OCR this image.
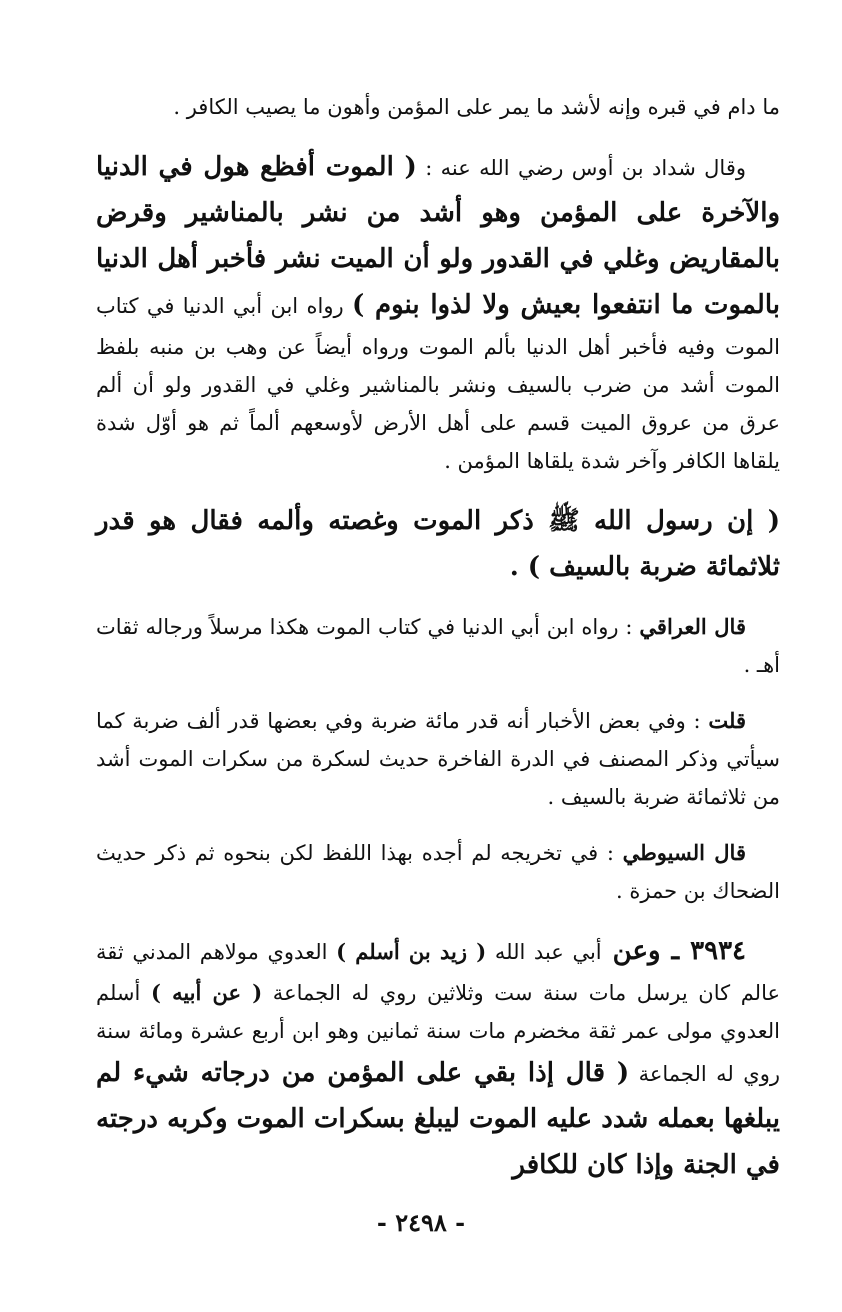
ما دام في قبره وإنه لأشد ما يمر على المؤمن وأهون ما يصيب الكافر .

وقال شداد بن أوس رضي الله عنه : ( الموت أفظع هول في الدنيا والآخرة على المؤمن وهو أشد من نشر بالمناشير وقرض بالمقاريض وغلي في القدور ولو أن الميت نشر فأخبر أهل الدنيا بالموت ما انتفعوا بعيش ولا لذوا بنوم ) رواه ابن أبي الدنيا في كتاب الموت وفيه فأخبر أهل الدنيا بألم الموت ورواه أيضاً عن وهب بن منبه بلفظ الموت أشد من ضرب بالسيف ونشر بالمناشير وغلي في القدور ولو أن ألم عرق من عروق الميت قسم على أهل الأرض لأوسعهم ألماً ثم هو أوّل شدة يلقاها الكافر وآخر شدة يلقاها المؤمن .

( إن رسول الله ﷺ ذكر الموت وغصته وألمه فقال هو قدر ثلاثمائة ضربة بالسيف ) .

قال العراقي : رواه ابن أبي الدنيا في كتاب الموت هكذا مرسلاً ورجاله ثقات أهـ .

قلت : وفي بعض الأخبار أنه قدر مائة ضربة وفي بعضها قدر ألف ضربة كما سيأتي وذكر المصنف في الدرة الفاخرة حديث لسكرة من سكرات الموت أشد من ثلاثمائة ضربة بالسيف .

قال السيوطي : في تخريجه لم أجده بهذا اللفظ لكن بنحوه ثم ذكر حديث الضحاك بن حمزة .

٣٩٣٤ ـ وعن أبي عبد الله ( زيد بن أسلم ) العدوي مولاهم المدني ثقة عالم كان يرسل مات سنة ست وثلاثين روي له الجماعة ( عن أبيه ) أسلم العدوي مولى عمر ثقة مخضرم مات سنة ثمانين وهو ابن أربع عشرة ومائة سنة روي له الجماعة ( قال إذا بقي على المؤمن من درجاته شيء لم يبلغها بعمله شدد عليه الموت ليبلغ بسكرات الموت وكربه درجته في الجنة وإذا كان للكافر

- ٢٤٩٨ -
